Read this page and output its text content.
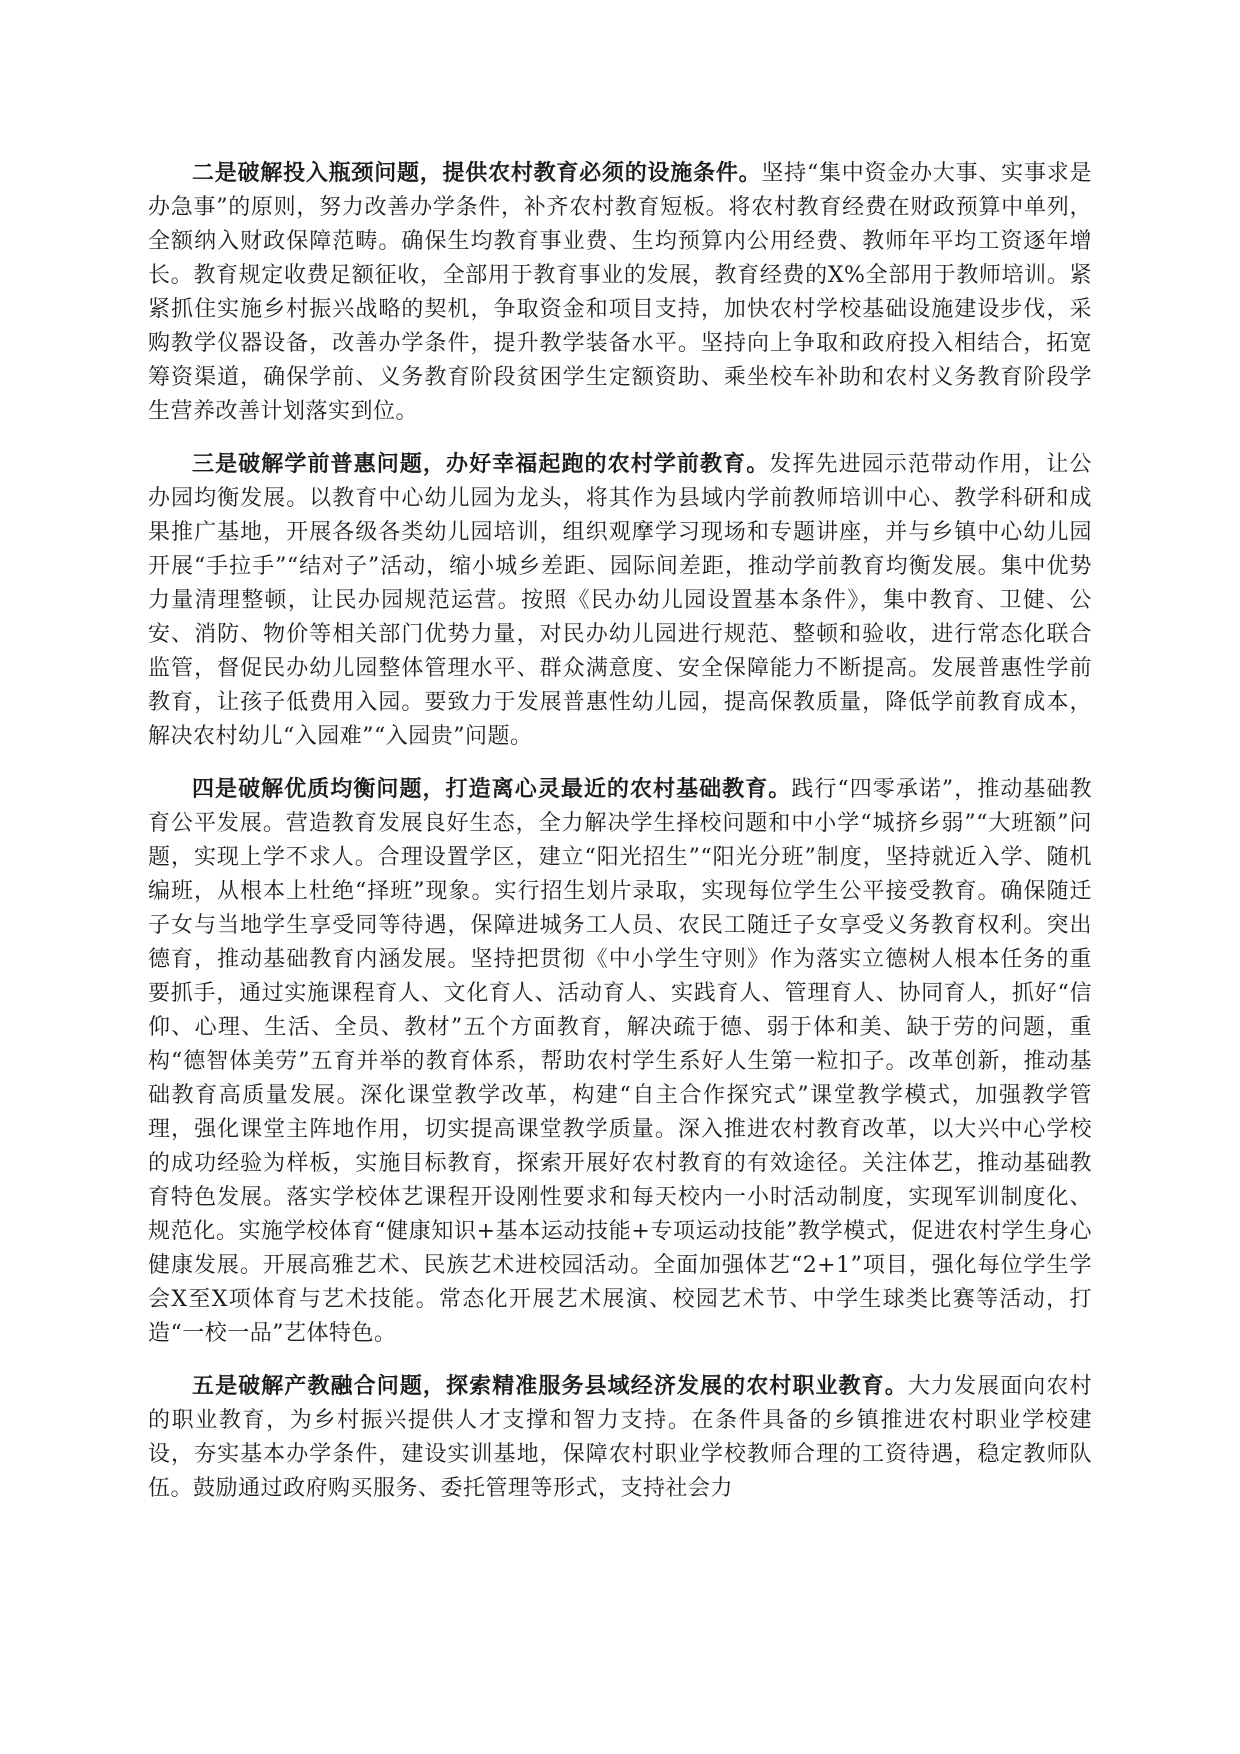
二是破解投入瓶颈问题，提供农村教育必须的设施条件。坚持“集中资金办大事、实事求是办急事”的原则，努力改善办学条件，补齐农村教育短板。将农村教育经费在财政预算中单列，全额纳入财政保障范畴。确保生均教育事业费、生均预算内公用经费、教师年平均工资逐年增长。教育规定收费足额征收，全部用于教育事业的发展，教育经费的X%全部用于教师培训。紧紧抓住实施乡村振兴战略的契机，争取资金和项目支持，加快农村学校基础设施建设步伐，采购教学仪器设备，改善办学条件，提升教学装备水平。坚持向上争取和政府投入相结合，拓宽筹资渠道，确保学前、义务教育阶段贫困学生定额资助、乘坐校车补助和农村义务教育阶段学生营养改善计划落实到位。

三是破解学前普惠问题，办好幸福起跑的农村学前教育。发挥先进园示范带动作用，让公办园均衡发展。以教育中心幼儿园为龙头，将其作为县域内学前教师培训中心、教学科研和成果推广基地，开展各级各类幼儿园培训，组织观摩学习现场和专题讲座，并与乡镇中心幼儿园开展“手拉手”“结对子”活动，缩小城乡差距、园际间差距，推动学前教育均衡发展。集中优势力量清理整顿，让民办园规范运营。按照《民办幼儿园设置基本条件》，集中教育、卫健、公安、消防、物价等相关部门优势力量，对民办幼儿园进行规范、整顿和验收，进行常态化联合监管，督促民办幼儿园整体管理水平、群众满意度、安全保障能力不断提高。发展普惠性学前教育，让孩子低费用入园。要致力于发展普惠性幼儿园，提高保教质量，降低学前教育成本，解决农村幼儿“入园难”“入园贵”问题。

四是破解优质均衡问题，打造离心灵最近的农村基础教育。践行“四零承诺”，推动基础教育公平发展。营造教育发展良好生态，全力解决学生择校问题和中小学“城挤乡弱”“大班额”问题，实现上学不求人。合理设置学区，建立“阳光招生”“阳光分班”制度，坚持就近入学、随机编班，从根本上杜绝“择班”现象。实行招生划片录取，实现每位学生公平接受教育。确保随迁子女与当地学生享受同等待遇，保障进城务工人员、农民工随迁子女享受义务教育权利。突出德育，推动基础教育内涵发展。坚持把贯彻《中小学生守则》作为落实立德树人根本任务的重要抓手，通过实施课程育人、文化育人、活动育人、实践育人、管理育人、协同育人，抓好“信仰、心理、生活、全员、教材”五个方面教育，解决疏于德、弱于体和美、缺于劳的问题，重构“德智体美劳”五育并举的教育体系，帮助农村学生系好人生第一粒扣子。改革创新，推动基础教育高质量发展。深化课堂教学改革，构建“自主合作探究式”课堂教学模式，加强教学管理，强化课堂主阵地作用，切实提高课堂教学质量。深入推进农村教育改革，以大兴中心学校的成功经验为样板，实施目标教育，探索开展好农村教育的有效途径。关注体艺，推动基础教育特色发展。落实学校体艺课程开设刚性要求和每天校内一小时活动制度，实现军训制度化、规范化。实施学校体育“健康知识+基本运动技能+专项运动技能”教学模式，促进农村学生身心健康发展。开展高雅艺术、民族艺术进校园活动。全面加强体艺“2+1”项目，强化每位学生学会X至X项体育与艺术技能。常态化开展艺术展演、校园艺术节、中学生球类比赛等活动，打造“一校一品”艺体特色。

五是破解产教融合问题，探索精准服务县域经济发展的农村职业教育。大力发展面向农村的职业教育，为乡村振兴提供人才支撑和智力支持。在条件具备的乡镇推进农村职业学校建设，夯实基本办学条件，建设实训基地，保障农村职业学校教师合理的工资待遇，稳定教师队伍。鼓励通过政府购买服务、委托管理等形式，支持社会力
